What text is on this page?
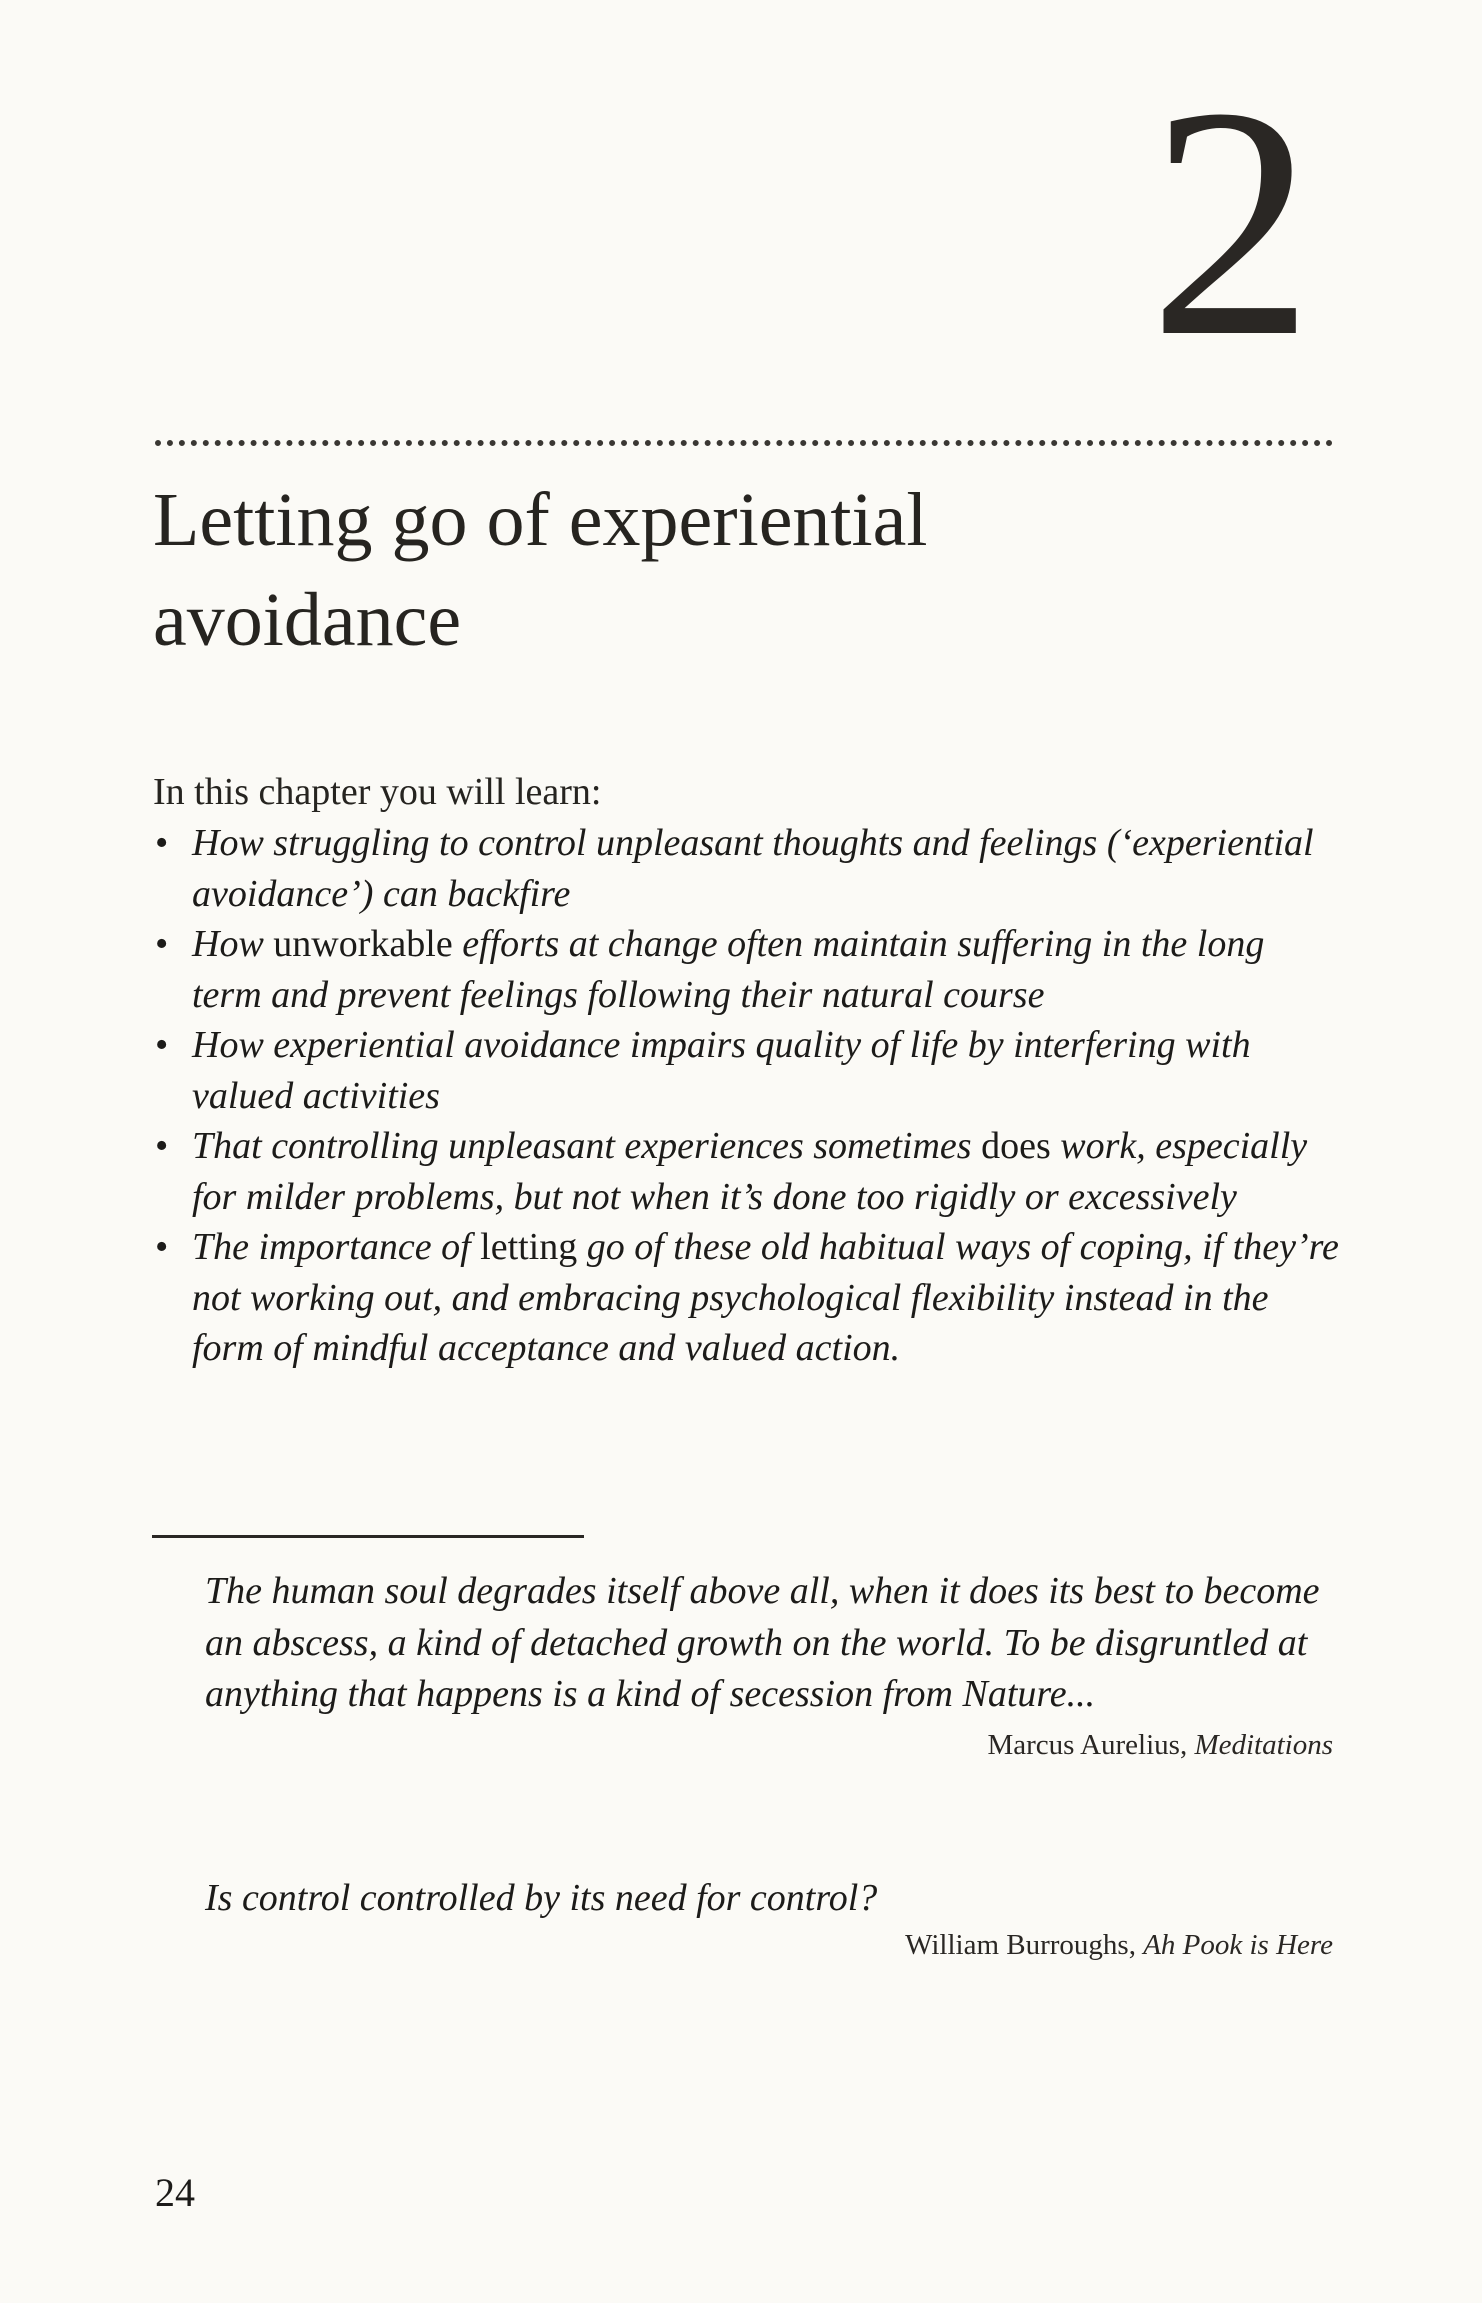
2
Letting go of experiential
avoidance
In this chapter you will learn:
• How struggling to control unpleasant thoughts and feelings (‘experiential avoidance’) can backfire
• How unworkable efforts at change often maintain suffering in the long term and prevent feelings following their natural course
• How experiential avoidance impairs quality of life by interfering with valued activities
• That controlling unpleasant experiences sometimes does work, especially for milder problems, but not when it’s done too rigidly or excessively
• The importance of letting go of these old habitual ways of coping, if they’re not working out, and embracing psychological flexibility instead in the form of mindful acceptance and valued action.

The human soul degrades itself above all, when it does its best to become an abscess, a kind of detached growth on the world. To be disgruntled at anything that happens is a kind of secession from Nature...

Marcus Aurelius, Meditations

Is control controlled by its need for control?

William Burroughs, Ah Pook is Here

24
